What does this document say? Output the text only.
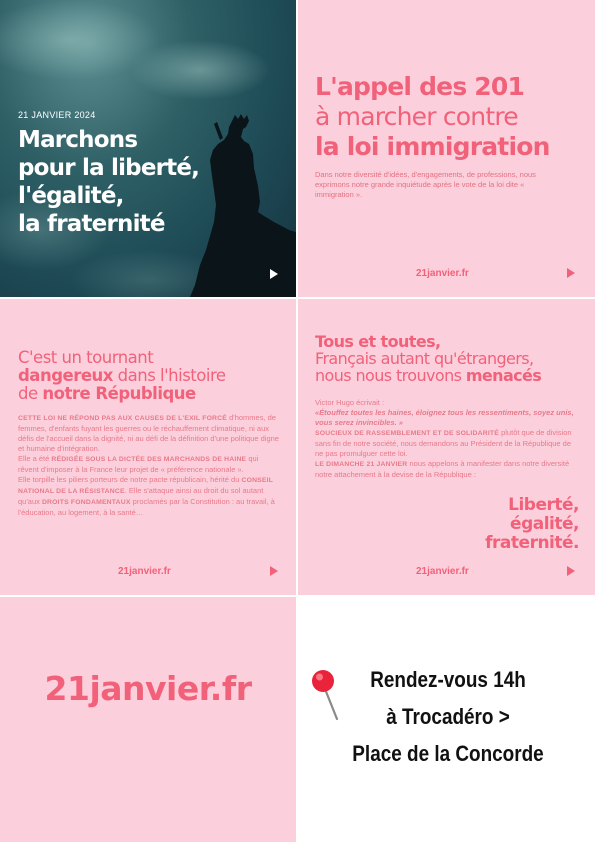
21 JANVIER 2024
Marchons
pour la liberté,
l'égalité,
la fraternité
L'appel des 201
à marcher contre
la loi immigration
Dans notre diversité d'idées, d'engagements, de professions, nous exprimons notre grande inquiétude après le vote de la loi dite « immigration ».
21janvier.fr
C'est un tournant
dangereux dans l'histoire
de notre République

CETTE LOI NE RÉPOND PAS AUX CAUSES DE L'EXIL FORCÉ d'hommes, de femmes, d'enfants fuyant les guerres ou le réchauffement climatique, ni aux défis de l'accueil dans la dignité, ni au défi de la définition d'une politique digne et humaine d'intégration.

Elle a été RÉDIGÉE SOUS LA DICTÉE DES MARCHANDS DE HAINE qui rêvent d'imposer à la France leur projet de « préférence nationale ».

Elle torpille les piliers porteurs de notre pacte républicain, hérité du CONSEIL NATIONAL DE LA RÉSISTANCE. Elle s'attaque ainsi au droit du sol autant qu'aux DROITS FONDAMENTAUX proclamés par la Constitution : au travail, à l'éducation, au logement, à la santé…

21janvier.fr
Tous et toutes,
Français autant qu'étrangers,
nous nous trouvons menacés

Victor Hugo écrivait :

«Étouffez toutes les haines, éloignez tous les ressentiments, soyez unis, vous serez invincibles. »

SOUCIEUX DE RASSEMBLEMENT ET DE SOLIDARITÉ plutôt que de division sans fin de notre société, nous demandons au Président de la République de ne pas promulguer cette loi.

LE DIMANCHE 21 JANVIER nous appelons à manifester dans notre diversité notre attachement à la devise de la République :

Liberté,
égalité,
fraternité.
21janvier.fr
21janvier.fr	Rendez-vous 14h
à Trocadéro >
Place de la Concorde
